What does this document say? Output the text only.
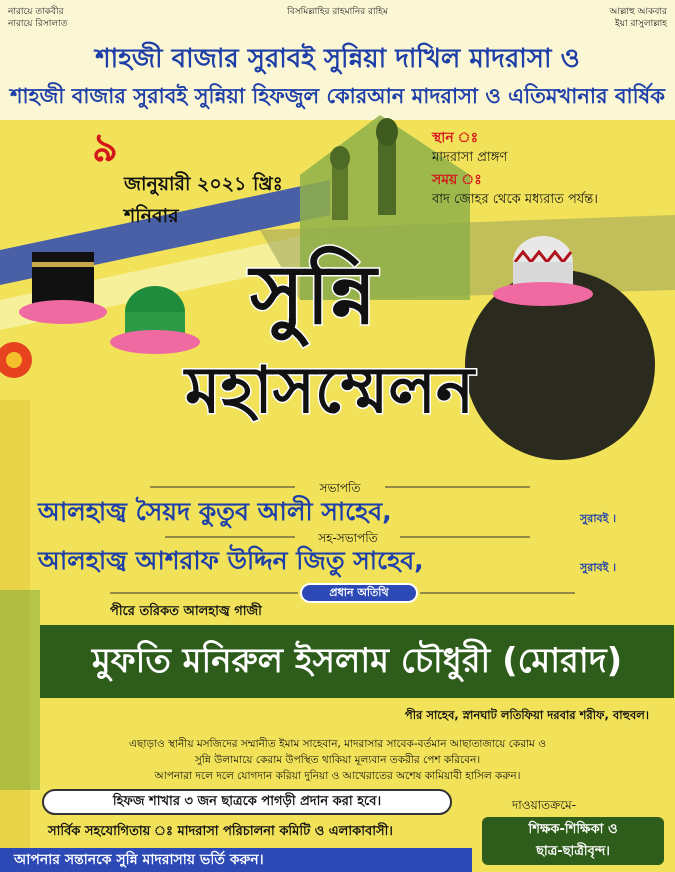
নারায়ে তাকবীর
নারায়ে রিসালাত
বিসমিল্লাহির রাহমানির রাহিম	আল্লাহু আকবার
ইয়া রাসুলাল্লাহ
শাহজী বাজার সুরাবই সুন্নিয়া দাখিল মাদরাসা ও
শাহজী বাজার সুরাবই সুন্নিয়া হিফজুল কোরআন মাদরাসা ও এতিমখানার বার্ষিক
৯
জানুয়ারী ২০২১ খ্রিঃ
শনিবার
স্থান ঃ
মাদরাসা প্রাঙ্গণ
সময় ঃ
বাদ জোহর থেকে মধ্যরাত পর্যন্ত।
সুন্নি
মহাসম্মেলন
সভাপতি
আলহাজ্ব সৈয়দ কুতুব আলী সাহেব,	সুরাবই ।
সহ-সভাপতি
আলহাজ্ব আশরাফ উদ্দিন জিতু সাহেব,	সুরাবই ।
প্রধান অতিথি
পীরে তরিকত আলহাজ্ব গাজী
মুফতি মনিরুল ইসলাম চৌধুরী (মোরাদ)
পীর সাহেব, স্নানঘাট লতিফিয়া দরবার শরীফ, বাহুবল।
এছাড়াও স্থানীয় মসজিদের সম্মানীত ইমাম সাহেবান, মাদরাসার সাবেক-বর্তমান আছাতাজায়ে কেরাম ও
সুন্নি উলামায়ে কেরাম উপস্থিত থাকিয়া মূল্যবান তকরীর পেশ করিবেন।
আপনারা দলে দলে যোগদান করিয়া দুনিয়া ও আখেরাতের অশেষ কামিয়াবী হাসিল করুন।
হিফজ শাখার ৩ জন ছাত্রকে পাগড়ী প্রদান করা হবে।
সার্বিক সহযোগিতায় ঃ মাদরাসা পরিচালনা কমিটি ও এলাকাবাসী।
আপনার সন্তানকে সুন্নি মাদরাসায় ভর্তি করুন।
দাওয়াতক্রমে-
শিক্ষক-শিক্ষিকা ও
ছাত্র-ছাত্রীবৃন্দ।
